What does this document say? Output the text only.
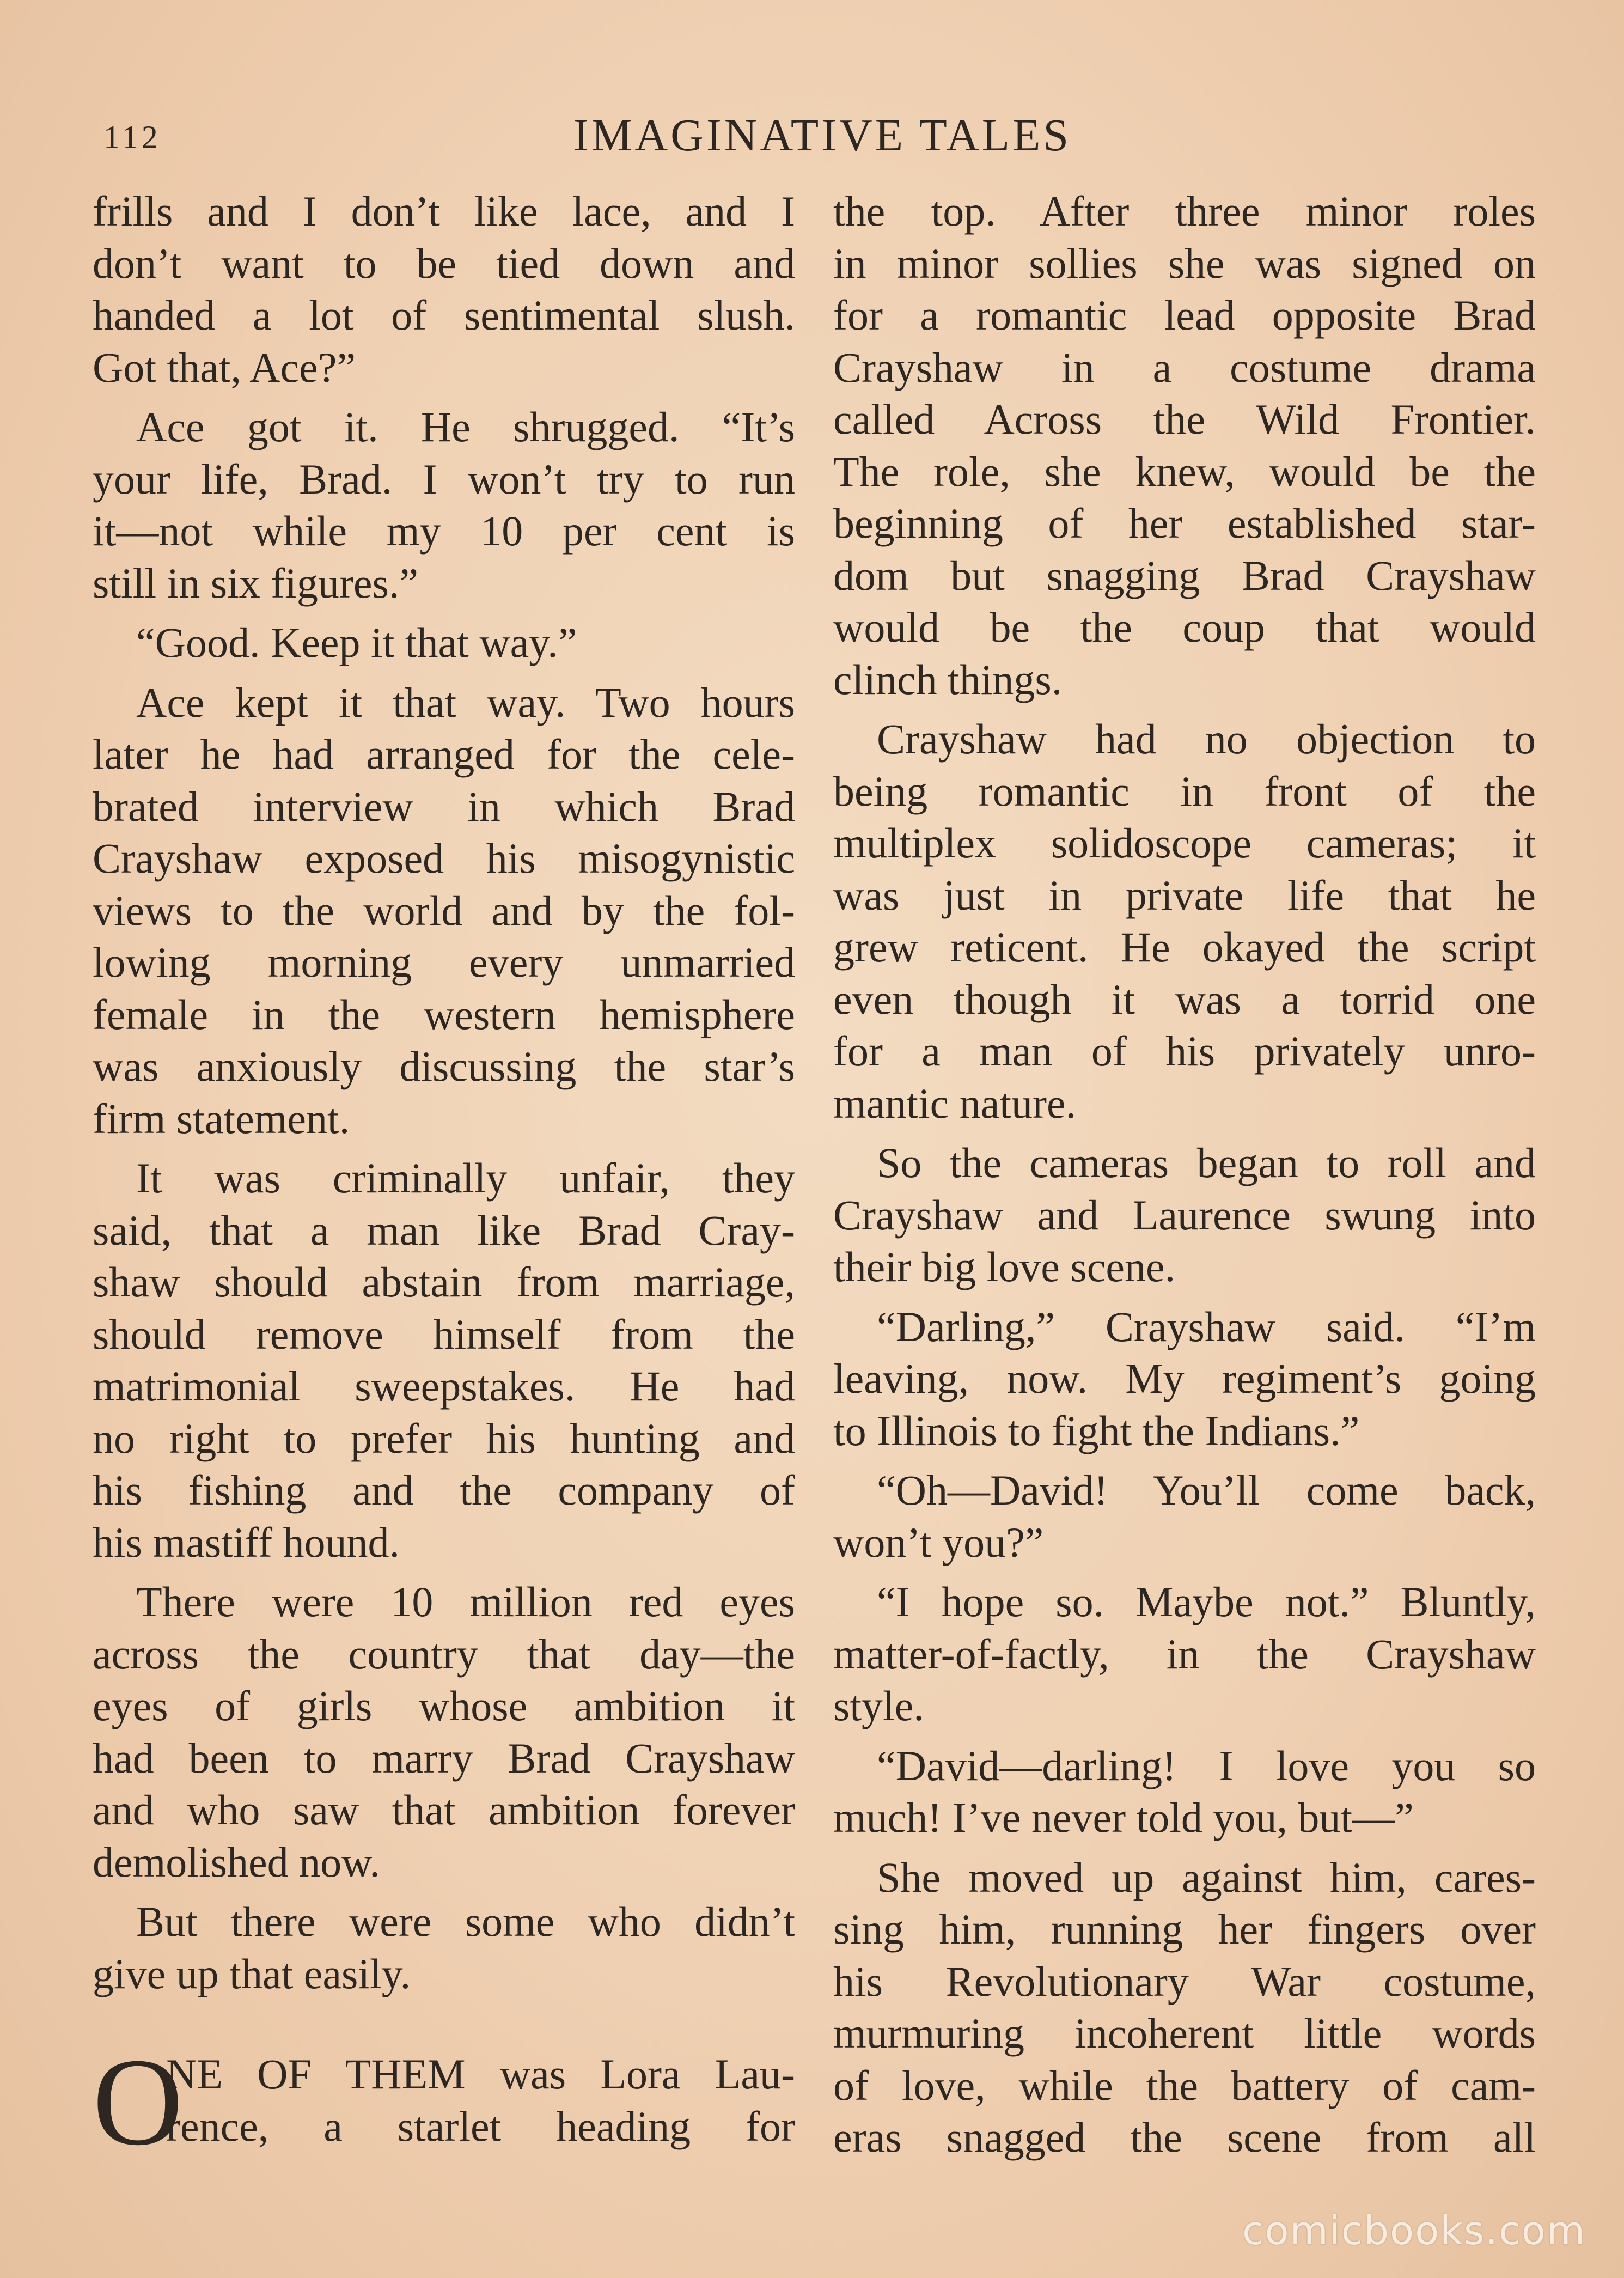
112	IMAGINATIVE TALES
frills and I don’t like lace, and I
don’t want to be tied down and
handed a lot of sentimental slush.
Got that, Ace?”
Ace got it. He shrugged. “It’s
your life, Brad. I won’t try to run
it—not while my 10 per cent is
still in six figures.”
“Good. Keep it that way.”
Ace kept it that way. Two hours
later he had arranged for the cele-
brated interview in which Brad
Crayshaw exposed his misogynistic
views to the world and by the fol-
lowing morning every unmarried
female in the western hemisphere
was anxiously discussing the star’s
firm statement.
It was criminally unfair, they
said, that a man like Brad Cray-
shaw should abstain from marriage,
should remove himself from the
matrimonial sweepstakes. He had
no right to prefer his hunting and
his fishing and the company of
his mastiff hound.
There were 10 million red eyes
across the country that day—the
eyes of girls whose ambition it
had been to marry Brad Crayshaw
and who saw that ambition forever
demolished now.
But there were some who didn’t
give up that easily.
O
NE OF THEM was Lora Lau-
rence, a starlet heading for
the top. After three minor roles
in minor sollies she was signed on
for a romantic lead opposite Brad
Crayshaw in a costume drama
called Across the Wild Frontier.
The role, she knew, would be the
beginning of her established star-
dom but snagging Brad Crayshaw
would be the coup that would
clinch things.
Crayshaw had no objection to
being romantic in front of the
multiplex solidoscope cameras; it
was just in private life that he
grew reticent. He okayed the script
even though it was a torrid one
for a man of his privately unro-
mantic nature.
So the cameras began to roll and
Crayshaw and Laurence swung into
their big love scene.
“Darling,” Crayshaw said. “I’m
leaving, now. My regiment’s going
to Illinois to fight the Indians.”
“Oh—David! You’ll come back,
won’t you?”
“I hope so. Maybe not.” Bluntly,
matter-of-factly, in the Crayshaw
style.
“David—darling! I love you so
much! I’ve never told you, but—”
She moved up against him, cares-
sing him, running her fingers over
his Revolutionary War costume,
murmuring incoherent little words
of love, while the battery of cam-
eras snagged the scene from all
comicbooks.com
